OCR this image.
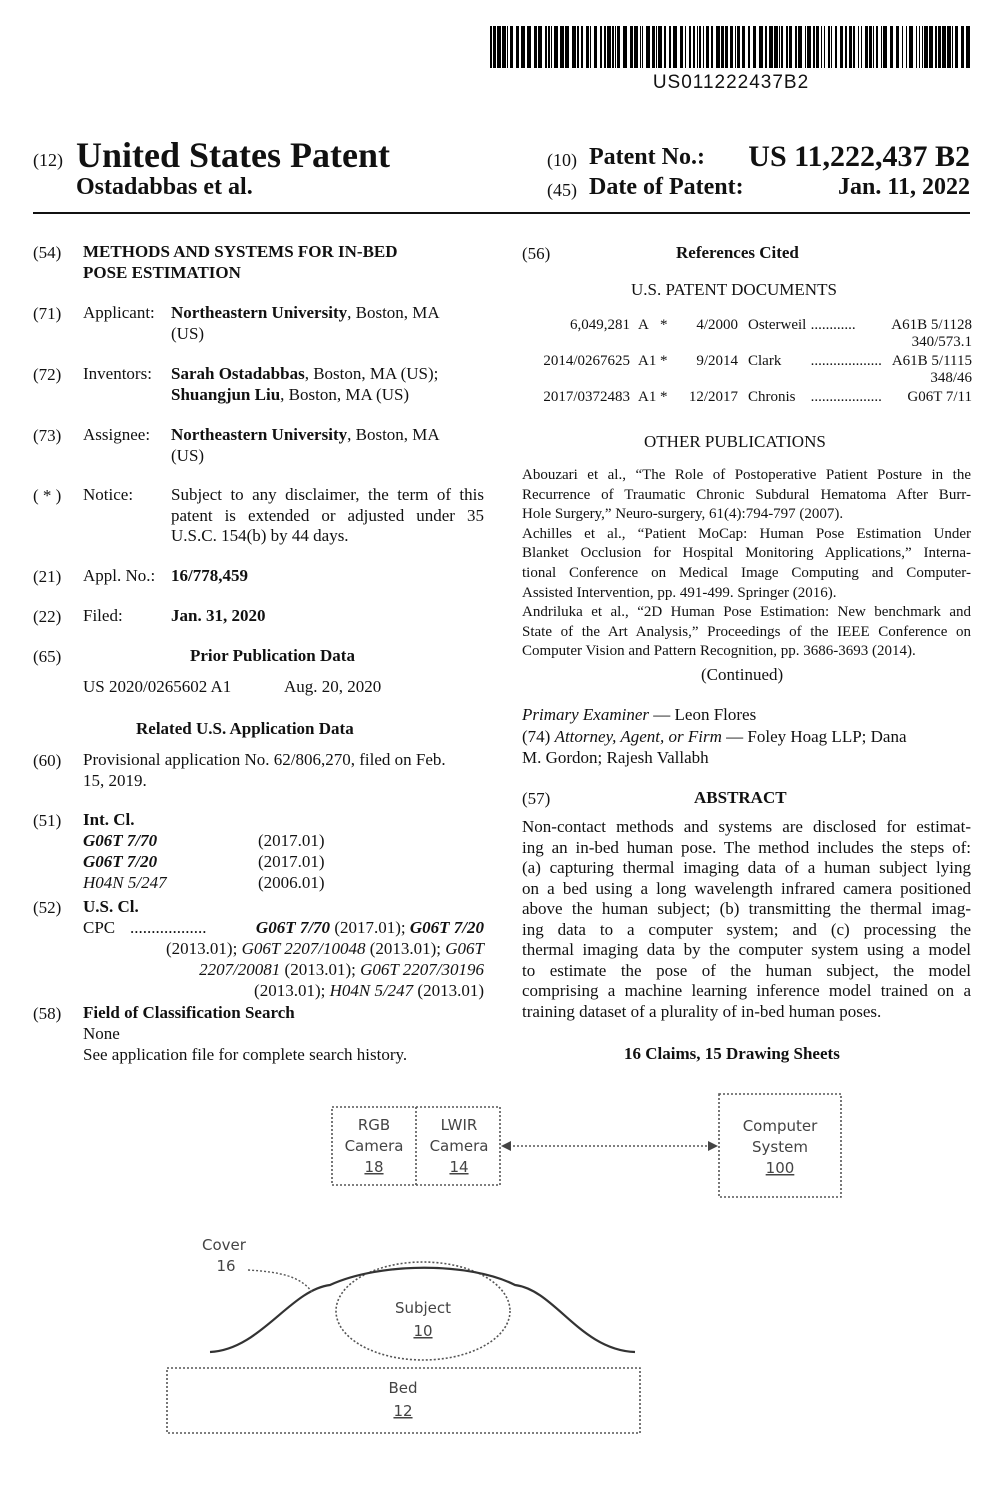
US011222437B2
(12) United States Patent
Ostadabbas et al.
(10) Patent No.: US 11,222,437 B2
(45) Date of Patent:	Jan. 11, 2022
(54) METHODS AND SYSTEMS FOR IN-BED
POSE ESTIMATION
(71) Applicant: Northeastern University, Boston, MA
(US)
(72) Inventors: Sarah Ostadabbas, Boston, MA (US);
Shuangjun Liu, Boston, MA (US)
(73) Assignee: Northeastern University, Boston, MA
(US)
( * ) Notice: Subject to any disclaimer, the term of this
patent is extended or adjusted under 35
U.S.C. 154(b) by 44 days.
(21) Appl. No.: 16/778,459
(22) Filed:	Jan. 31, 2020
(65)	Prior Publication Data
US 2020/0265602 A1	Aug. 20, 2020
Related U.S. Application Data
(60) Provisional application No. 62/806,270, filed on Feb.
15, 2019.
(51) Int. Cl.
G06T 7/70	(2017.01)
G06T 7/20	(2017.01)
H04N 5/247	(2006.01)
(52) U.S. Cl.
CPC ..................	G06T 7/70 (2017.01); G06T 7/20
(2013.01); G06T 2207/10048 (2013.01); G06T
2207/20081 (2013.01); G06T 2207/30196
(2013.01); H04N 5/247 (2013.01)
(58) Field of Classification Search
None
See application file for complete search history.
(56)	References Cited
U.S. PATENT DOCUMENTS
6,049,281	A	*	4/2000	Osterweil	............	A61B 5/1128
340/573.1						
2014/0267625	A1	*	9/2014	Clark	...................	A61B 5/1115
348/46						
2017/0372483	A1	*	12/2017	Chronis	...................	G06T 7/11

OTHER PUBLICATIONS
Abouzari et al., “The Role of Postoperative Patient Posture in the
Recurrence of Traumatic Chronic Subdural Hematoma After Burr-
Hole Surgery,” Neuro-surgery, 61(4):794-797 (2007).
Achilles et al., “Patient MoCap: Human Pose Estimation Under
Blanket Occlusion for Hospital Monitoring Applications,” Interna-
tional Conference on Medical Image Computing and Computer-
Assisted Intervention, pp. 491-499. Springer (2016).
Andriluka et al., “2D Human Pose Estimation: New benchmark and
State of the Art Analysis,” Proceedings of the IEEE Conference on
Computer Vision and Pattern Recognition, pp. 3686-3693 (2014).
(Continued)
Primary Examiner — Leon Flores
(74) Attorney, Agent, or Firm — Foley Hoag LLP; Dana
M. Gordon; Rajesh Vallabh
(57)	ABSTRACT
Non-contact methods and systems are disclosed for estimat-
ing an in-bed human pose. The method includes the steps of:
(a) capturing thermal imaging data of a human subject lying
on a bed using a long wavelength infrared camera positioned
above the human subject; (b) transmitting the thermal imag-
ing data to a computer system; and (c) processing the
thermal imaging data by the computer system using a model
to estimate the pose of the human subject, the model
comprising a machine learning inference model trained on a
training dataset of a plurality of in-bed human poses.
16 Claims, 15 Drawing Sheets
RGB
Camera
18
LWIR
Camera
14
Computer
System
100
Cover
16
Subject
10
Bed
12
